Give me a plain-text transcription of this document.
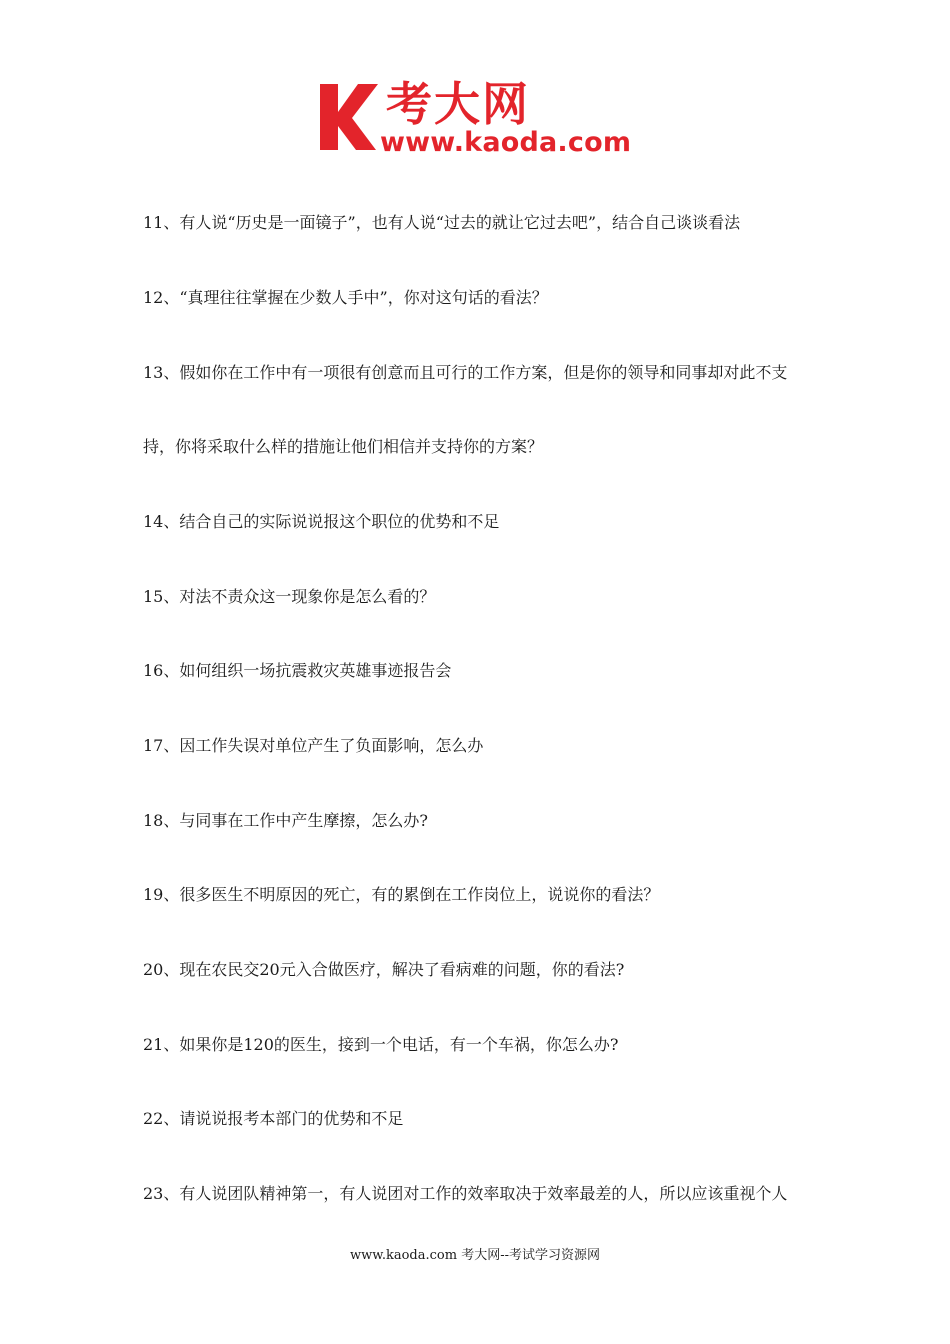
考大网
www.kaoda.com
11、有人说“历史是一面镜子”，也有人说“过去的就让它过去吧”，结合自己谈谈看法
12、“真理往往掌握在少数人手中”，你对这句话的看法？
13、假如你在工作中有一项很有创意而且可行的工作方案，但是你的领导和同事却对此不支
持，你将采取什么样的措施让他们相信并支持你的方案？
14、结合自己的实际说说报这个职位的优势和不足
15、对法不责众这一现象你是怎么看的？
16、如何组织一场抗震救灾英雄事迹报告会
17、因工作失误对单位产生了负面影响，怎么办
18、与同事在工作中产生摩擦，怎么办?
19、很多医生不明原因的死亡，有的累倒在工作岗位上，说说你的看法？
20、现在农民交20元入合做医疗，解决了看病难的问题，你的看法?
21、如果你是120的医生，接到一个电话，有一个车祸，你怎么办?
22、请说说报考本部门的优势和不足
23、有人说团队精神第一，有人说团对工作的效率取决于效率最差的人，所以应该重视个人
www.kaoda.com 考大网--考试学习资源网
